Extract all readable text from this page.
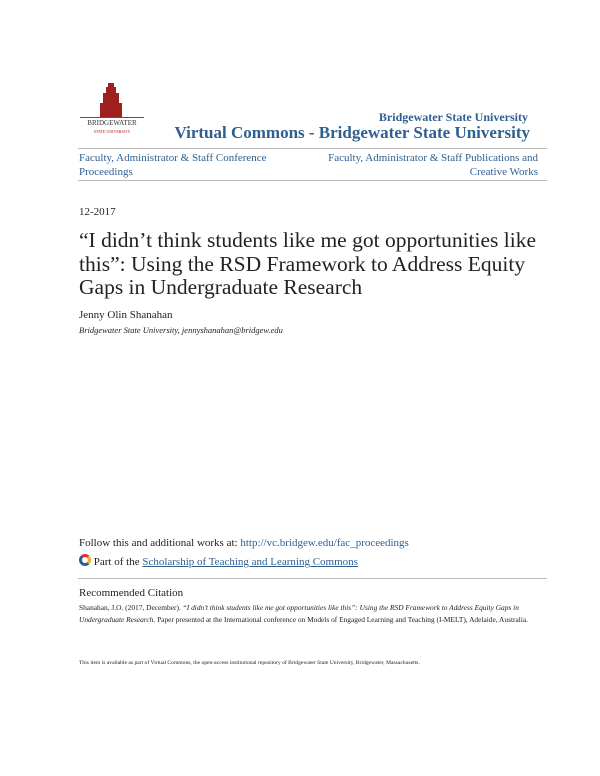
BRIDGEWATER
STATE UNIVERSITY
Bridgewater State University
Virtual Commons - Bridgewater State University
Faculty, Administrator & Staff Conference Proceedings
Faculty, Administrator & Staff Publications and Creative Works
12-2017
“I didn’t think students like me got opportunities like this”: Using the RSD Framework to Address Equity Gaps in Undergraduate Research
Jenny Olin Shanahan
Bridgewater State University, jennyshanahan@bridgew.edu
Follow this and additional works at: http://vc.bridgew.edu/fac_proceedings
Part of the Scholarship of Teaching and Learning Commons
Recommended Citation
Shanahan, J.O. (2017, December). “I didn’t think students like me got opportunities like this”: Using the RSD Framework to Address Equity Gaps in Undergraduate Research. Paper presented at the International conference on Models of Engaged Learning and Teaching (I-MELT), Adelaide, Australia.
This item is available as part of Virtual Commons, the open-access institutional repository of Bridgewater State University, Bridgewater, Massachusetts.
